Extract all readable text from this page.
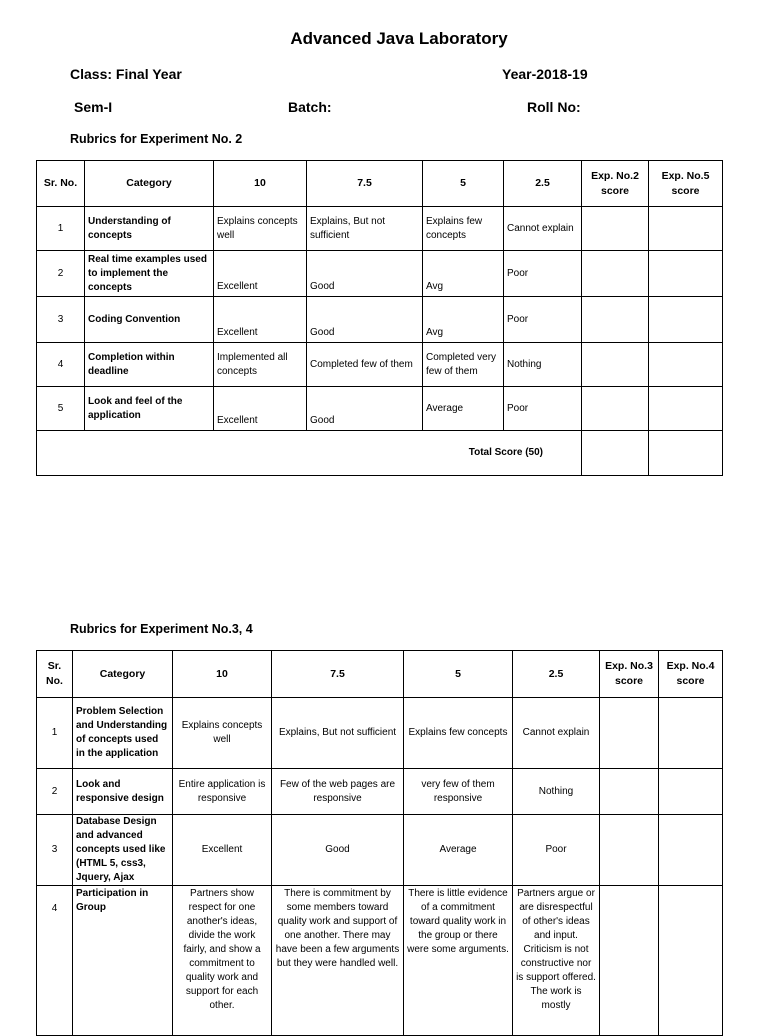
Advanced Java Laboratory
Class: Final Year	Year-2018-19
Sem-I	Batch:	Roll No:
Rubrics for Experiment No. 2
Sr. No.	Category	10	7.5	5	2.5	Exp. No.2 score	Exp. No.5 score
1	Understanding of concepts	Explains concepts well	Explains, But not sufficient	Explains few concepts	Cannot explain		
2	Real time examples used to implement the concepts	Excellent	Good	Avg	Poor		
3	Coding Convention	Excellent	Good	Avg	Poor		
4	Completion within deadline	Implemented all concepts	Completed few of them	Completed very few of them	Nothing		
5	Look and feel of the application	Excellent	Good	Average	Poor		
Total Score (50)							
Rubrics for Experiment No.3, 4
Sr. No.	Category	10	7.5	5	2.5	Exp. No.3 score	Exp. No.4 score
1	Problem Selection and Understanding of concepts used in the application	Explains concepts well	Explains, But not sufficient	Explains few concepts	Cannot explain		
2	Look and responsive design	Entire application is responsive	Few of the web pages are responsive	very few of them responsive	Nothing		
3	Database Design and advanced concepts used like (HTML 5, css3, Jquery, Ajax	Excellent	Good	Average	Poor		
4	Participation in Group	Partners show respect for one another's ideas, divide the work fairly, and show a commitment to quality work and support for each other.	There is commitment by some members toward quality work and support of one another. There may have been a few arguments but they were handled well.	There is little evidence of a commitment toward quality work in the group or there were some arguments.	Partners argue or are disrespectful of other's ideas and input. Criticism is not constructive nor is support offered. The work is mostly		
